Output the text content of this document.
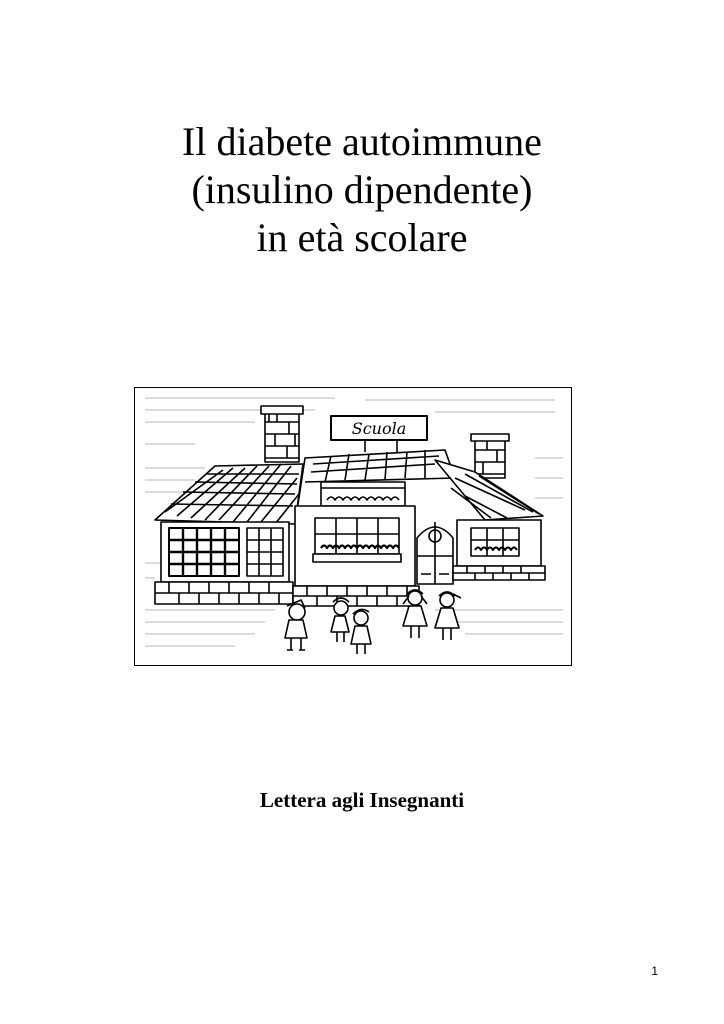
Il diabete autoimmune
(insulino dipendente)
in età scolare
Scuola
Lettera agli Insegnanti
1
